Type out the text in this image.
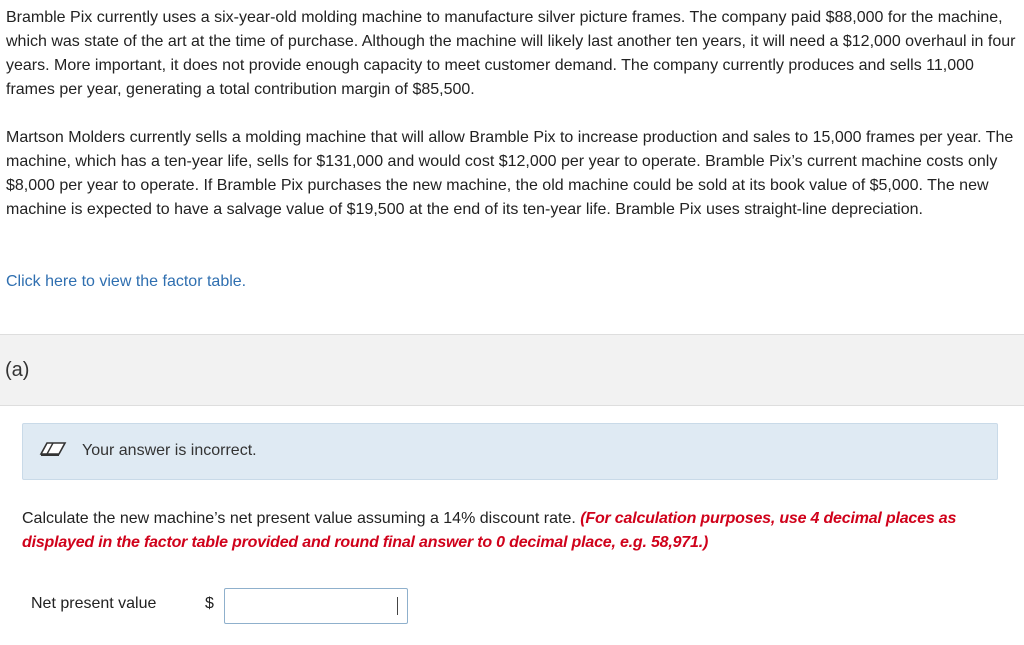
Bramble Pix currently uses a six-year-old molding machine to manufacture silver picture frames. The company paid $88,000 for the machine, which was state of the art at the time of purchase. Although the machine will likely last another ten years, it will need a $12,000 overhaul in four years. More important, it does not provide enough capacity to meet customer demand. The company currently produces and sells 11,000 frames per year, generating a total contribution margin of $85,500.

Martson Molders currently sells a molding machine that will allow Bramble Pix to increase production and sales to 15,000 frames per year. The machine, which has a ten-year life, sells for $131,000 and would cost $12,000 per year to operate. Bramble Pix’s current machine costs only $8,000 per year to operate. If Bramble Pix purchases the new machine, the old machine could be sold at its book value of $5,000. The new machine is expected to have a salvage value of $19,500 at the end of its ten-year life. Bramble Pix uses straight-line depreciation.

Click here to view the factor table.
(a)
Your answer is incorrect.
Calculate the new machine’s net present value assuming a 14% discount rate. (For calculation purposes, use 4 decimal places as displayed in the factor table provided and round final answer to 0 decimal place, e.g. 58,971.)
Net present value	$
